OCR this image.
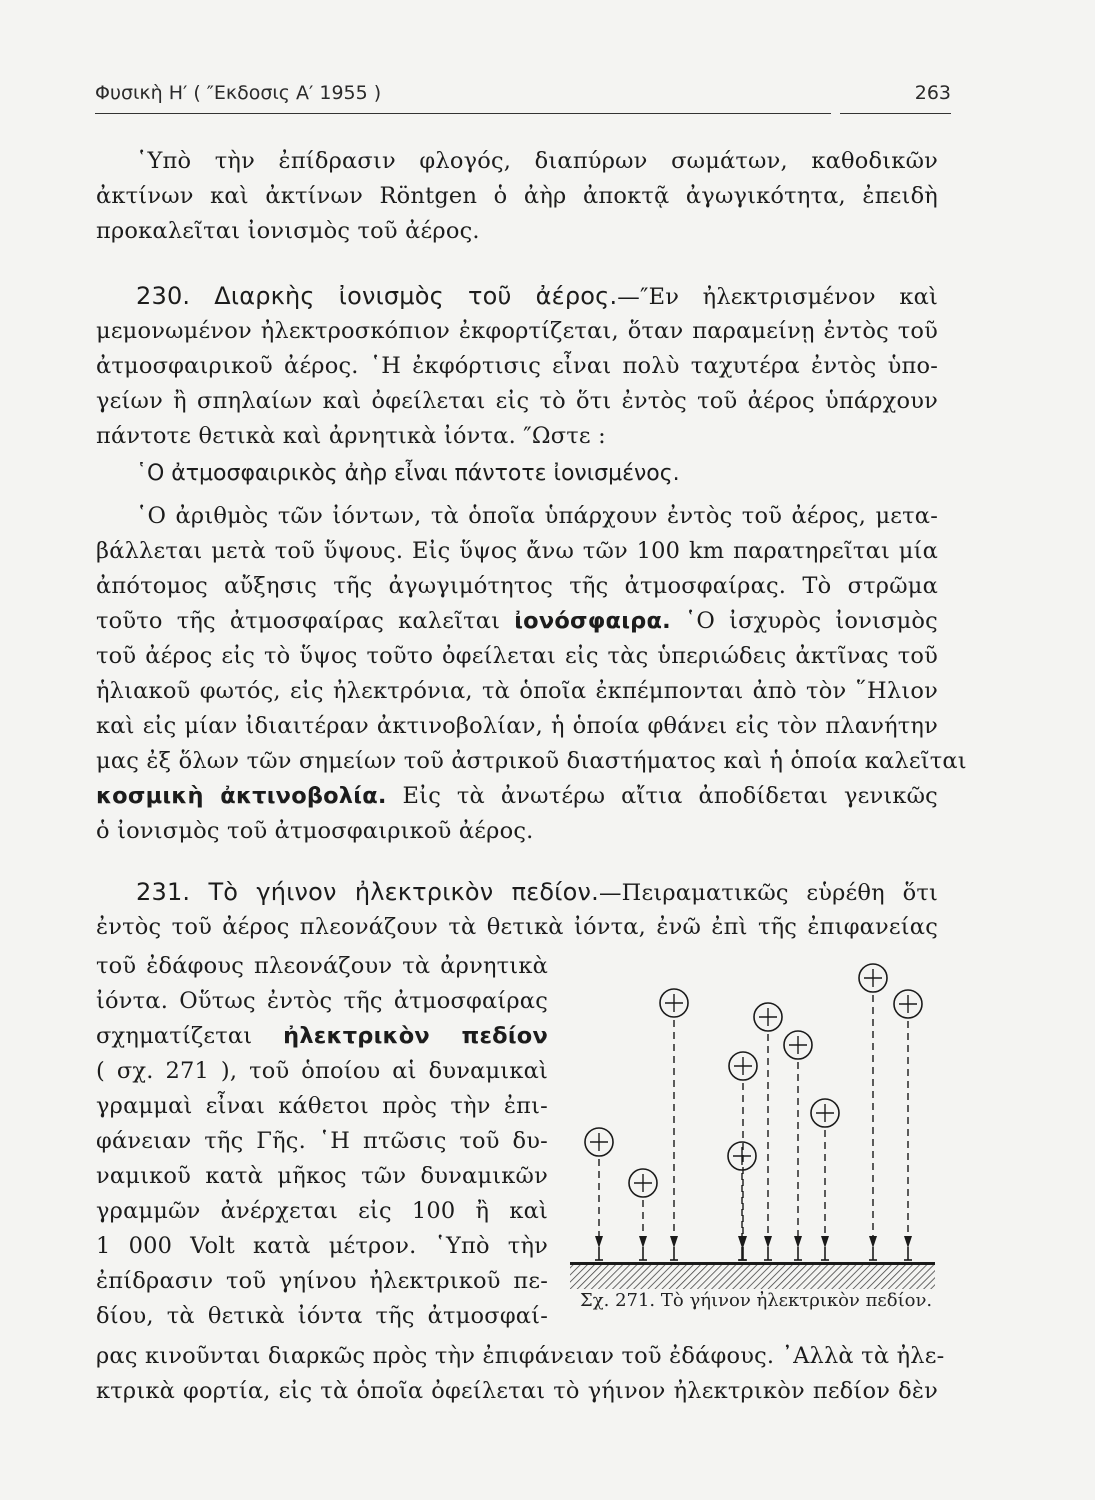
Φυσικὴ Η′ ( ″Εκδοσις Α′ 1955 )	263
῾Υπὸ τὴν ἐπίδρασιν φλογός, διαπύρων σωμάτων, καθοδικῶν
ἀκτίνων καὶ ἀκτίνων Röntgen ὁ ἀὴρ ἀποκτᾷ ἀγωγικότητα, ἐπειδὴ
προκαλεῖται ἰονισμὸς τοῦ ἀέρος.
230. Διαρκὴς ἰονισμὸς τοῦ ἀέρος.—″Εν ἠλεκτρισμένον καὶ
μεμονωμένον ἠλεκτροσκόπιον ἐκφορτίζεται, ὅταν παραμείνῃ ἐντὸς τοῦ
ἀτμοσφαιρικοῦ ἀέρος. ῾Η ἐκφόρτισις εἶναι πολὺ ταχυτέρα ἐντὸς ὑπο-
γείων ἢ σπηλαίων καὶ ὀφείλεται εἰς τὸ ὅτι ἐντὸς τοῦ ἀέρος ὑπάρχουν
πάντοτε θετικὰ καὶ ἀρνητικὰ ἰόντα. ″Ωστε :
῾Ο ἀτμοσφαιρικὸς ἀὴρ εἶναι πάντοτε ἰονισμένος.
῾Ο ἀριθμὸς τῶν ἰόντων, τὰ ὁποῖα ὑπάρχουν ἐντὸς τοῦ ἀέρος, μετα-
βάλλεται μετὰ τοῦ ὕψους. Εἰς ὕψος ἄνω τῶν 100 km παρατηρεῖται μία
ἀπότομος αὔξησις τῆς ἀγωγιμότητος τῆς ἀτμοσφαίρας. Τὸ στρῶμα
τοῦτο τῆς ἀτμοσφαίρας καλεῖται ἰονόσφαιρα. ῾Ο ἰσχυρὸς ἰονισμὸς
τοῦ ἀέρος εἰς τὸ ὕψος τοῦτο ὀφείλεται εἰς τὰς ὑπεριώδεις ἀκτῖνας τοῦ
ἡλιακοῦ φωτός, εἰς ἠλεκτρόνια, τὰ ὁποῖα ἐκπέμπονται ἀπὸ τὸν ῞Ηλιον
καὶ εἰς μίαν ἰδιαιτέραν ἀκτινοβολίαν, ἡ ὁποία φθάνει εἰς τὸν πλανήτην
μας ἐξ ὅλων τῶν σημείων τοῦ ἀστρικοῦ διαστήματος καὶ ἡ ὁποία καλεῖται
κοσμικὴ ἀκτινοβολία. Εἰς τὰ ἀνωτέρω αἴτια ἀποδίδεται γενικῶς
ὁ ἰονισμὸς τοῦ ἀτμοσφαιρικοῦ ἀέρος.
231. Τὸ γήινον ἠλεκτρικὸν πεδίον.—Πειραματικῶς εὑρέθη ὅτι
ἐντὸς τοῦ ἀέρος πλεονάζουν τὰ θετικὰ ἰόντα, ἐνῶ ἐπὶ τῆς ἐπιφανείας
τοῦ ἐδάφους πλεονάζουν τὰ ἀρνητικὰ
ἰόντα. Οὕτως ἐντὸς τῆς ἀτμοσφαίρας
σχηματίζεται ἠλεκτρικὸν πεδίον
( σχ. 271 ), τοῦ ὁποίου αἱ δυναμικαὶ
γραμμαὶ εἶναι κάθετοι πρὸς τὴν ἐπι-
φάνειαν τῆς Γῆς. ῾Η πτῶσις τοῦ δυ-
ναμικοῦ κατὰ μῆκος τῶν δυναμικῶν
γραμμῶν ἀνέρχεται εἰς 100 ἢ καὶ
1 000 Volt κατὰ μέτρον. ῾Υπὸ τὴν
ἐπίδρασιν τοῦ γηίνου ἠλεκτρικοῦ πε-
δίου, τὰ θετικὰ ἰόντα τῆς ἀτμοσφαί-
ρας κινοῦνται διαρκῶς πρὸς τὴν ἐπιφάνειαν τοῦ ἐδάφους. ᾿Αλλὰ τὰ ἠλε-
κτρικὰ φορτία, εἰς τὰ ὁποῖα ὀφείλεται τὸ γήινον ἠλεκτρικὸν πεδίον δὲν
Σχ. 271. Τὸ γήινον ἠλεκτρικὸν πεδίον.
